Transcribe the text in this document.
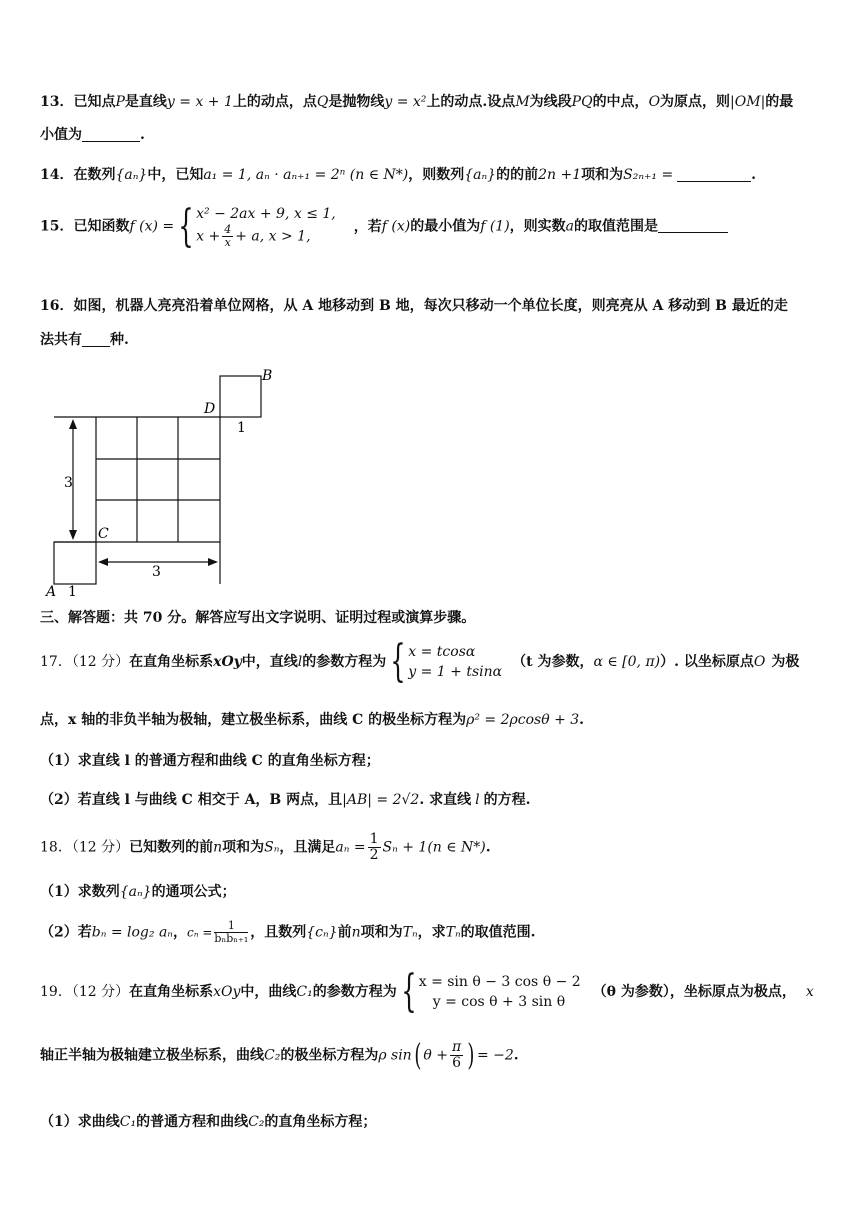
13．已知点P是直线y = x + 1上的动点，点Q是抛物线y = x²上的动点.设点M为线段PQ的中点，O为原点，则|OM|的最
小值为	.
14．在数列{aₙ}中，已知a₁ = 1, aₙ · aₙ₊₁ = 2ⁿ (n ∈ N*)，则数列{aₙ}的的前2n +1项和为S₂ₙ₊₁ =	.
15．已知函数f (x) ={ x² − 2ax + 9, x ≤ 1,
$x + \frac{4}{x} + a$, x > 1,
，若f (x)的最小值为f (1)，则实数a的取值范围是
16．如图，机器人亮亮沿着单位网格，从 A 地移动到 B 地，每次只移动一个单位长度，则亮亮从 A 移动到 B 最近的走
法共有 种.
B
D
1
3
C
3
A 1
三、解答题：共 70 分。解答应写出文字说明、证明过程或演算步骤。
17．（12 分）在直角坐标系xOy中，直线l的参数方程为{ x = tcosα
y = 1 + tsinα
（t 为参数，α ∈ [0, π)）. 以坐标原点O 为极
点，x 轴的非负半轴为极轴，建立极坐标系，曲线 C 的极坐标方程为ρ² = 2ρcosθ + 3.
（1）求直线 l 的普通方程和曲线 C 的直角坐标方程；
（2）若直线 l 与曲线 C 相交于 A，B 两点，且|AB| = 2√2. 求直线 l 的方程.
18．（12 分）已知数列的前n项和为Sₙ，且满足$a_n = \frac{1}{2}$ Sₙ + 1(n ∈ N*).
（1）求数列{aₙ}的通项公式；
（2）若bₙ = log₂ aₙ，$c_n = \frac{1}{\text{bₙbₙ₊₁}}$ ，且数列{cₙ}前n项和为Tₙ，求Tₙ的取值范围.
19．（12 分）在直角坐标系xOy中，曲线C₁的参数方程为{ x = sin θ − 3 cos θ − 2
y = cos θ + 3 sin θ
（θ 为参数），坐标原点为极点， x
轴正半轴为极轴建立极坐标系，曲线C₂的极坐标方程为ρ sin( $\theta + \frac{\pi}{6}$ ) = −2.
（1）求曲线C₁的普通方程和曲线C₂的直角坐标方程；
